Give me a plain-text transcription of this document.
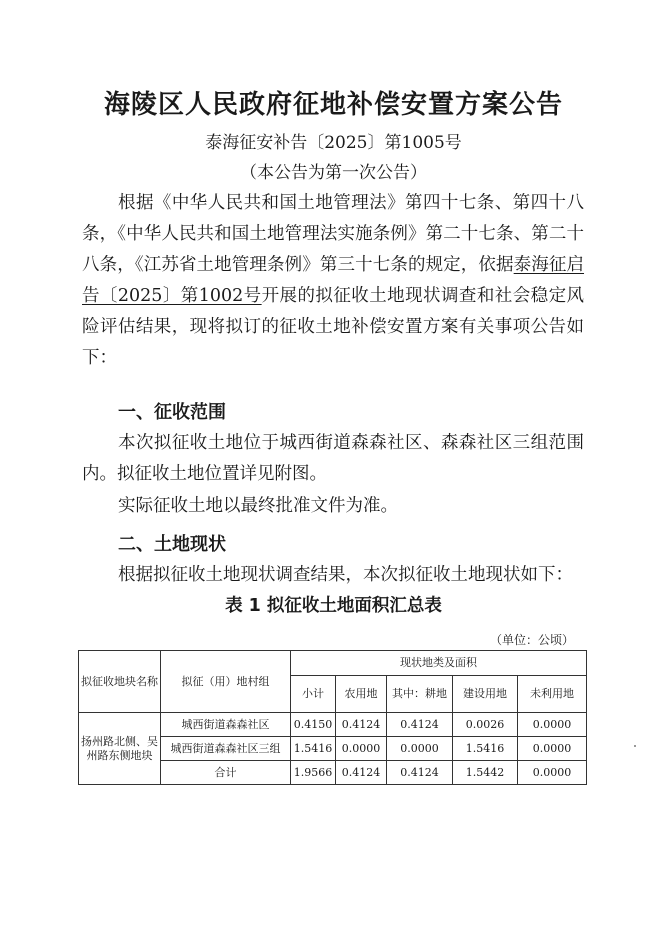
海陵区人民政府征地补偿安置方案公告
泰海征安补告〔2025〕第1005号
（本公告为第一次公告）
根据《中华人民共和国土地管理法》第四十七条、第四十八条，《中华人民共和国土地管理法实施条例》第二十七条、第二十八条，《江苏省土地管理条例》第三十七条的规定，依据泰海征启告〔2025〕第1002号开展的拟征收土地现状调查和社会稳定风险评估结果，现将拟订的征收土地补偿安置方案有关事项公告如下：
一、征收范围
本次拟征收土地位于城西街道森森社区、森森社区三组范围内。拟征收土地位置详见附图。
实际征收土地以最终批准文件为准。
二、土地现状
根据拟征收土地现状调查结果，本次拟征收土地现状如下：
表 1 拟征收土地面积汇总表
（单位：公顷）
拟征收地块名称	拟征（用）地村组	现状地类及面积				
		小计	农用地	其中：耕地	建设用地	未利用地
扬州路北侧、吴州路东侧地块	城西街道森森社区	0.4150	0.4124	0.4124	0.0026	0.0000
	城西街道森森社区三组	1.5416	0.0000	0.0000	1.5416	0.0000
	合计	1.9566	0.4124	0.4124	1.5442	0.0000
